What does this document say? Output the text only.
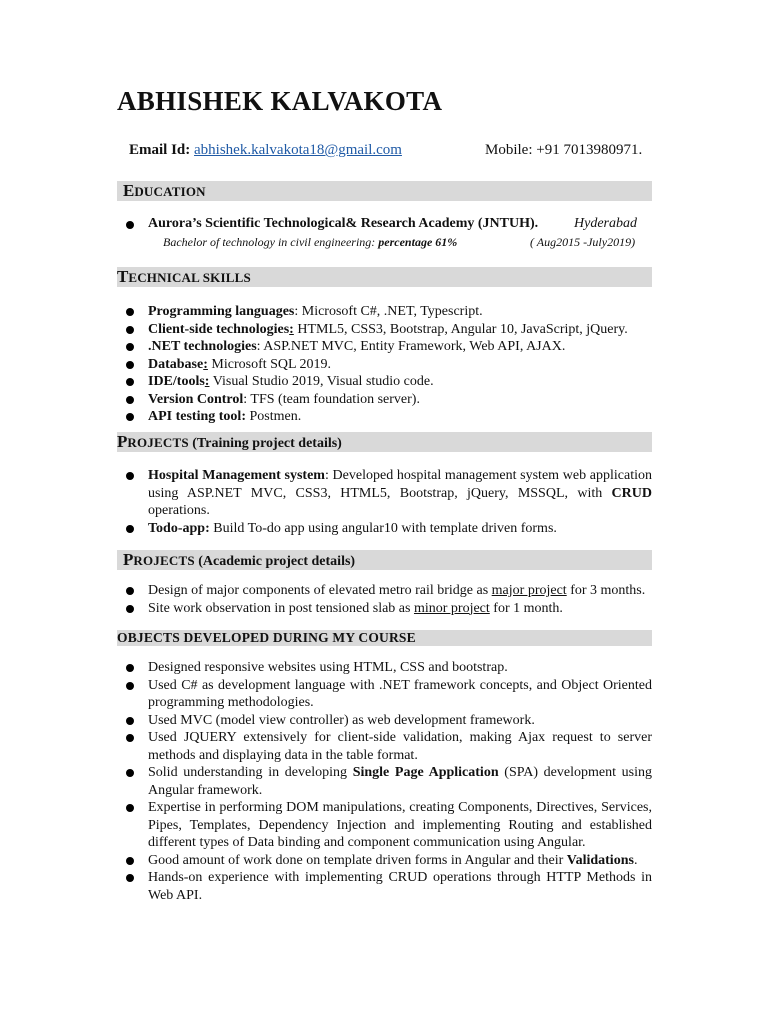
ABHISHEK KALVAKOTA
Email Id: abhishek.kalvakota18@gmail.com	Mobile: +91 7013980971.
EDUCATION
Aurora’s Scientific Technological& Research Academy (JNTUH).	Hyderabad
Bachelor of technology in civil engineering: percentage 61%	( Aug2015 -July2019)
TECHNICAL SKILLS
Programming languages: Microsoft C#, .NET, Typescript.
Client-side technologies: HTML5, CSS3, Bootstrap, Angular 10, JavaScript, jQuery.
.NET technologies: ASP.NET MVC, Entity Framework, Web API, AJAX.
Database: Microsoft SQL 2019.
IDE/tools: Visual Studio 2019, Visual studio code.
Version Control: TFS (team foundation server).
API testing tool: Postmen.
PROJECTS (Training project details)
Hospital Management system: Developed hospital management system web application using ASP.NET MVC, CSS3, HTML5, Bootstrap, jQuery, MSSQL, with CRUD operations.
Todo-app: Build To-do app using angular10 with template driven forms.
PROJECTS (Academic project details)
Design of major components of elevated metro rail bridge as major project for 3 months.
Site work observation in post tensioned slab as minor project for 1 month.
OBJECTS DEVELOPED DURING MY COURSE
Designed responsive websites using HTML, CSS and bootstrap.
Used C# as development language with .NET framework concepts, and Object Oriented programming methodologies.
Used MVC (model view controller) as web development framework.
Used JQUERY extensively for client-side validation, making Ajax request to server methods and displaying data in the table format.
Solid understanding in developing Single Page Application (SPA) development using Angular framework.
Expertise in performing DOM manipulations, creating Components, Directives, Services, Pipes, Templates, Dependency Injection and implementing Routing and established different types of Data binding and component communication using Angular.
Good amount of work done on template driven forms in Angular and their Validations.
Hands-on experience with implementing CRUD operations through HTTP Methods in Web API.
